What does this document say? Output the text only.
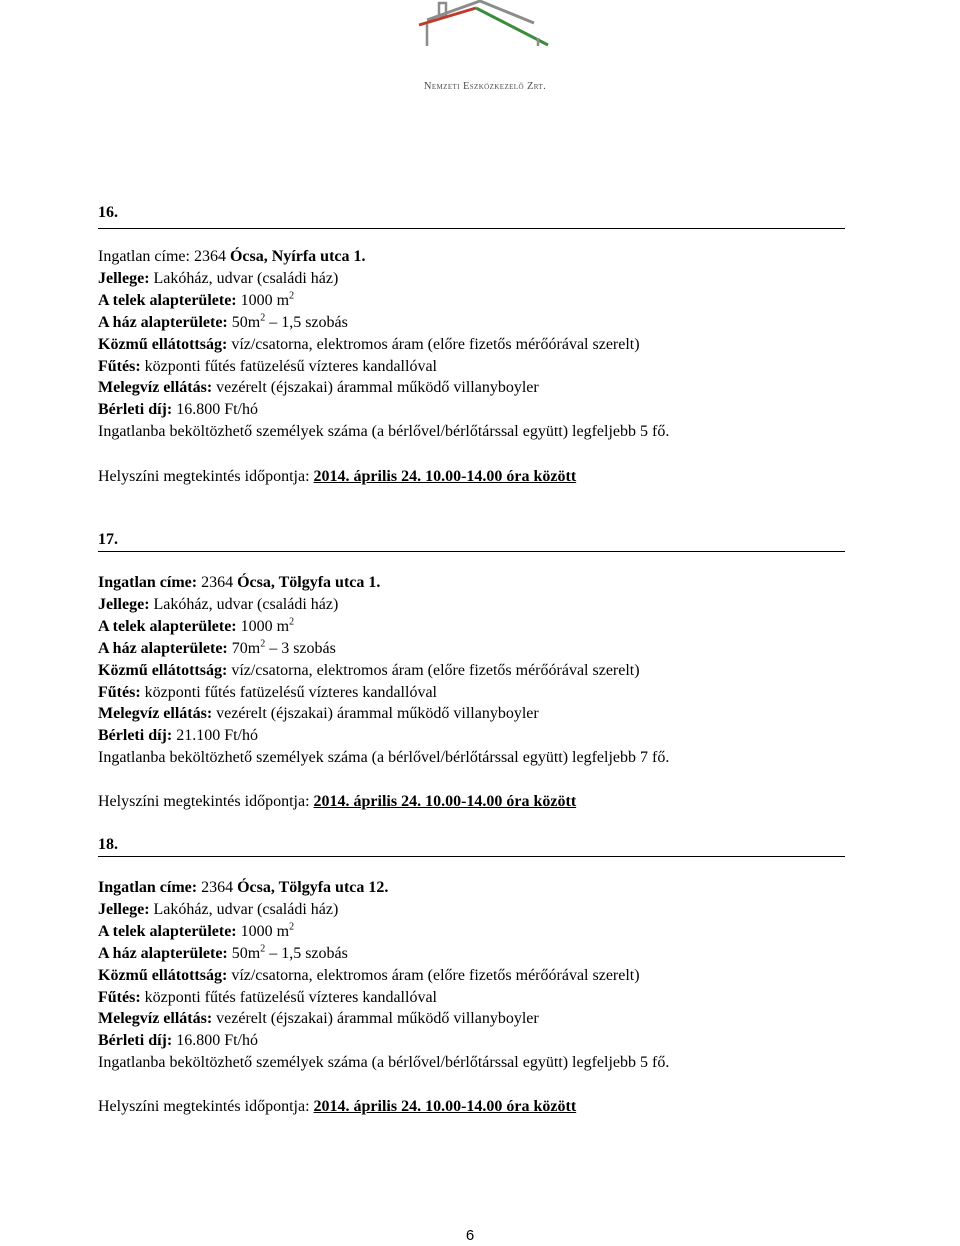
Nemzeti Eszközkezelő Zrt.
16.
Ingatlan címe: 2364 Ócsa, Nyírfa utca 1.
Jellege: Lakóház, udvar (családi ház)
A telek alapterülete: 1000 $m^2$
A ház alapterülete: $50m^2 - 1,5$ szobás
Közmű ellátottság: víz/csatorna, elektromos áram (előre fizetős mérőórával szerelt)
Fűtés: központi fűtés fatüzelésű vízteres kandallóval
Melegvíz ellátás: vezérelt (éjszakai) árammal működő villanyboyler
Bérleti díj: 16.800 Ft/hó
Ingatlanba beköltözhető személyek száma (a bérlővel/bérlőtárssal együtt) legfeljebb 5 fő.
Helyszíni megtekintés időpontja: 2014. április 24. 10.00-14.00 óra között
17.
Ingatlan címe: 2364 Ócsa, Tölgyfa utca 1.
Jellege: Lakóház, udvar (családi ház)
A telek alapterülete: 1000 $m^2$
A ház alapterülete: $70m^2 - 3$ szobás
Közmű ellátottság: víz/csatorna, elektromos áram (előre fizetős mérőórával szerelt)
Fűtés: központi fűtés fatüzelésű vízteres kandallóval
Melegvíz ellátás: vezérelt (éjszakai) árammal működő villanyboyler
Bérleti díj: 21.100 Ft/hó
Ingatlanba beköltözhető személyek száma (a bérlővel/bérlőtárssal együtt) legfeljebb 7 fő.
Helyszíni megtekintés időpontja: 2014. április 24. 10.00-14.00 óra között
18.
Ingatlan címe: 2364 Ócsa, Tölgyfa utca 12.
Jellege: Lakóház, udvar (családi ház)
A telek alapterülete: 1000 $m^2$
A ház alapterülete: $50m^2 - 1,5$ szobás
Közmű ellátottság: víz/csatorna, elektromos áram (előre fizetős mérőórával szerelt)
Fűtés: központi fűtés fatüzelésű vízteres kandallóval
Melegvíz ellátás: vezérelt (éjszakai) árammal működő villanyboyler
Bérleti díj: 16.800 Ft/hó
Ingatlanba beköltözhető személyek száma (a bérlővel/bérlőtárssal együtt) legfeljebb 5 fő.
Helyszíni megtekintés időpontja: 2014. április 24. 10.00-14.00 óra között
6
